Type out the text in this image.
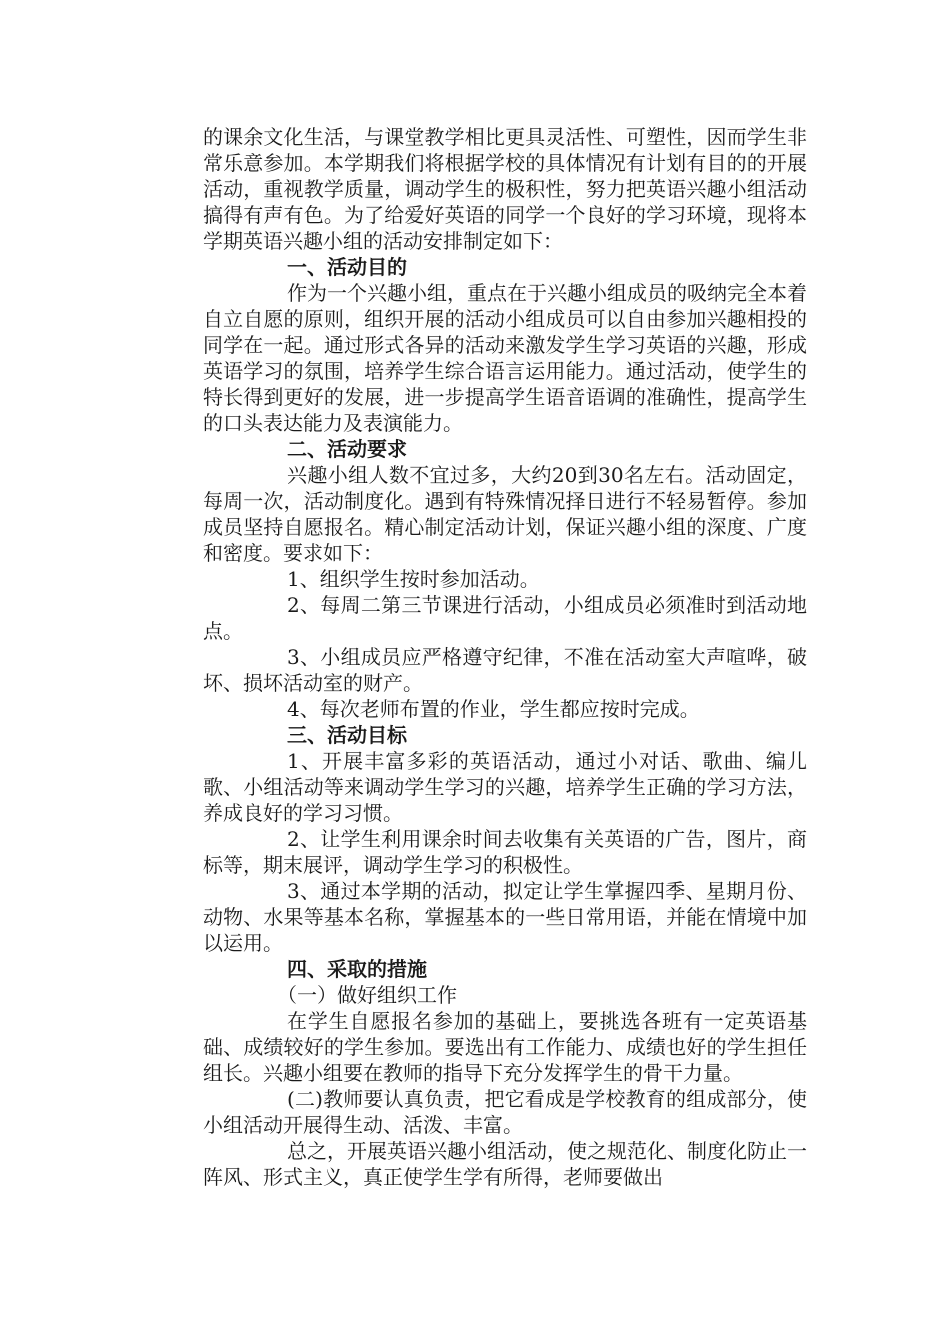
的课余文化生活，与课堂教学相比更具灵活性、可塑性，因而学生非常乐意参加。本学期我们将根据学校的具体情况有计划有目的的开展活动，重视教学质量，调动学生的极积性，努力把英语兴趣小组活动搞得有声有色。为了给爱好英语的同学一个良好的学习环境，现将本学期英语兴趣小组的活动安排制定如下：

一、活动目的

作为一个兴趣小组，重点在于兴趣小组成员的吸纳完全本着自立自愿的原则，组织开展的活动小组成员可以自由参加兴趣相投的同学在一起。通过形式各异的活动来激发学生学习英语的兴趣，形成英语学习的氛围，培养学生综合语言运用能力。通过活动，使学生的特长得到更好的发展，进一步提高学生语音语调的准确性，提高学生的口头表达能力及表演能力。

二、活动要求

兴趣小组人数不宜过多，大约20到30名左右。活动固定，每周一次，活动制度化。遇到有特殊情况择日进行不轻易暂停。参加成员坚持自愿报名。精心制定活动计划，保证兴趣小组的深度、广度和密度。要求如下：

1、组织学生按时参加活动。

2、每周二第三节课进行活动，小组成员必须准时到活动地点。

3、小组成员应严格遵守纪律，不准在活动室大声喧哗，破坏、损坏活动室的财产。

4、每次老师布置的作业，学生都应按时完成。

三、活动目标

1、开展丰富多彩的英语活动，通过小对话、歌曲、编儿歌、小组活动等来调动学生学习的兴趣，培养学生正确的学习方法，养成良好的学习习惯。

2、让学生利用课余时间去收集有关英语的广告，图片，商标等，期末展评，调动学生学习的积极性。

3、通过本学期的活动，拟定让学生掌握四季、星期月份、动物、水果等基本名称，掌握基本的一些日常用语，并能在情境中加以运用。

四、采取的措施

（一）做好组织工作

在学生自愿报名参加的基础上，要挑选各班有一定英语基础、成绩较好的学生参加。要选出有工作能力、成绩也好的学生担任组长。兴趣小组要在教师的指导下充分发挥学生的骨干力量。

(二)教师要认真负责，把它看成是学校教育的组成部分，使小组活动开展得生动、活泼、丰富。

总之，开展英语兴趣小组活动，使之规范化、制度化防止一阵风、形式主义，真正使学生学有所得，老师要做出
